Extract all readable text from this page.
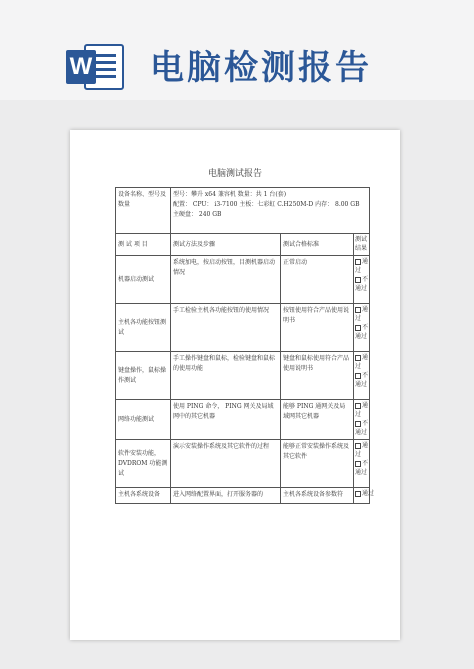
W 电脑检测报告
电脑测试报告
设备名称、型号及数量	型号：攀升 x64 兼容机 数量：共 1 台(套)
配置： CPU： i3-7100 主板：七彩虹 C.H250M-D 内存： 8.00 GB
主硬盘： 240 GB		

测 试 项 目	测试方法及步骤	测试合格标准	测试结果
机器启动测试	系统加电，按启动按钮，目测机器启动情况	正常启动	通过
不通过

主机各功能按钮测试	手工检验主机各功能按钮的使用情况	按钮使用符合产品使用说明书	通过
不通过

键盘操作，鼠标操作测试	手工操作键盘和鼠标，检验键盘和鼠标的使用功能	键盘和鼠标使用符合产品使用说明书	通过
不通过

网络功能测试	使用 PING 命令， PING 网关及局域网中的其它机器	能够 PING 通网关及局域网其它机器	通过
不通过

软件安装功能，DVDROM 功能测试	演示安装操作系统及其它软件的过程	能够正常安装操作系统及其它软件	通过
不通过

主机各系统设备	进入网络配置界面，打开服务器的	主机各系统设备参数符	通过
